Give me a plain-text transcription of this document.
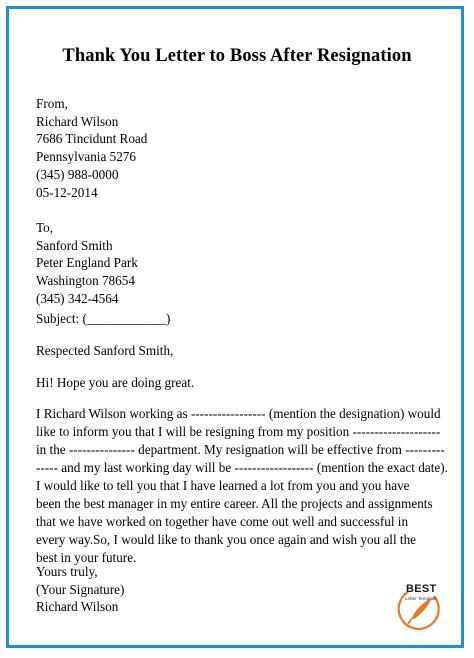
Thank You Letter to Boss After Resignation
From,
Richard Wilson
7686 Tincidunt Road
Pennsylvania 5276
(345) 988-0000
05-12-2014
To,
Sanford Smith
Peter England Park
Washington 78654
(345) 342-4564
Subject: (____________)
Respected Sanford Smith,
Hi! Hope you are doing great.
I Richard Wilson working as ----------------- (mention the designation) would
like to inform you that I will be resigning from my position --------------------
in the --------------- department. My resignation will be effective from ---------
----- and my last working day will be ------------------ (mention the exact date).
I would like to tell you that I have learned a lot from you and you have
been the best manager in my entire career. All the projects and assignments
that we have worked on together have come out well and successful in
every way.So, I would like to thank you once again and wish you all the
best in your future.
Yours truly,
(Your Signature)
Richard Wilson
BEST
Letter Template
